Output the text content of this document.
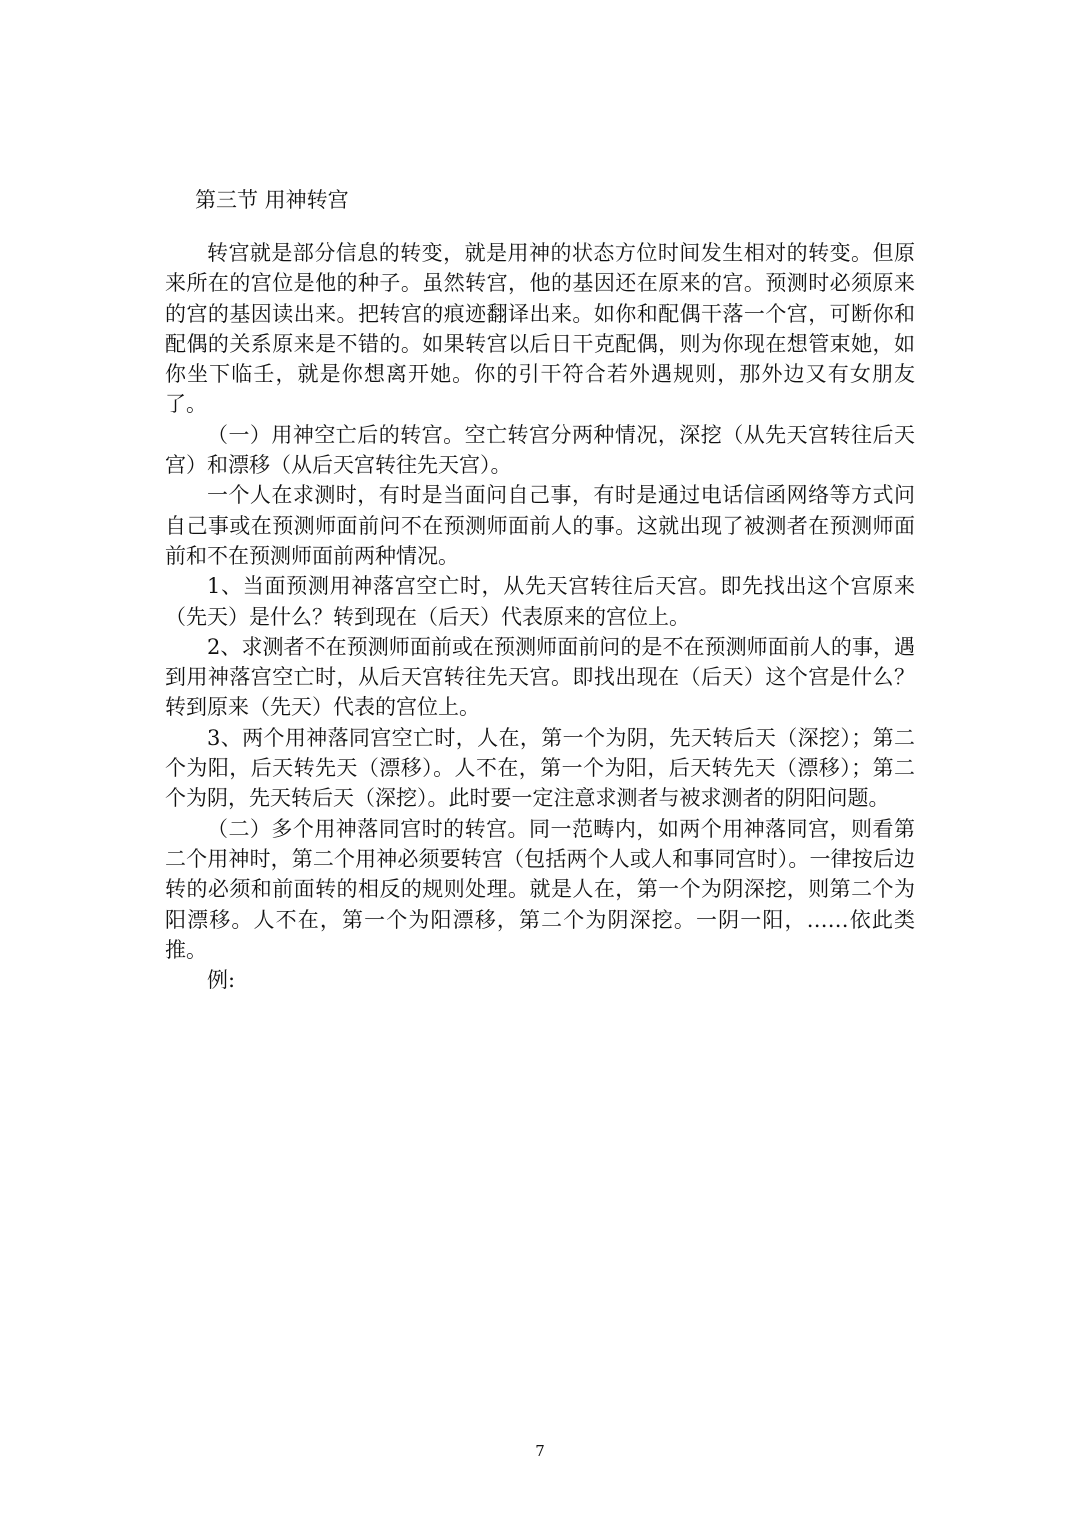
第三节 用神转宫

转宫就是部分信息的转变，就是用神的状态方位时间发生相对的转变。但原来所在的宫位是他的种子。虽然转宫，他的基因还在原来的宫。预测时必须原来的宫的基因读出来。把转宫的痕迹翻译出来。如你和配偶干落一个宫，可断你和配偶的关系原来是不错的。如果转宫以后日干克配偶，则为你现在想管束她，如你坐下临壬，就是你想离开她。你的引干符合若外遇规则，那外边又有女朋友了。

（一）用神空亡后的转宫。空亡转宫分两种情况，深挖（从先天宫转往后天宫）和漂移（从后天宫转往先天宫）。

一个人在求测时，有时是当面问自己事，有时是通过电话信函网络等方式问自己事或在预测师面前问不在预测师面前人的事。这就出现了被测者在预测师面前和不在预测师面前两种情况。

1、当面预测用神落宫空亡时，从先天宫转往后天宫。即先找出这个宫原来（先天）是什么？转到现在（后天）代表原来的宫位上。

2、求测者不在预测师面前或在预测师面前问的是不在预测师面前人的事，遇到用神落宫空亡时，从后天宫转往先天宫。即找出现在（后天）这个宫是什么？转到原来（先天）代表的宫位上。

3、两个用神落同宫空亡时，人在，第一个为阴，先天转后天（深挖）；第二个为阳，后天转先天（漂移）。人不在，第一个为阳，后天转先天（漂移）；第二个为阴，先天转后天（深挖）。此时要一定注意求测者与被求测者的阴阳问题。

（二）多个用神落同宫时的转宫。同一范畴内，如两个用神落同宫，则看第二个用神时，第二个用神必须要转宫（包括两个人或人和事同宫时）。一律按后边转的必须和前面转的相反的规则处理。就是人在，第一个为阴深挖，则第二个为阳漂移。人不在，第一个为阳漂移，第二个为阴深挖。一阴一阳，……依此类推。

例:

7
